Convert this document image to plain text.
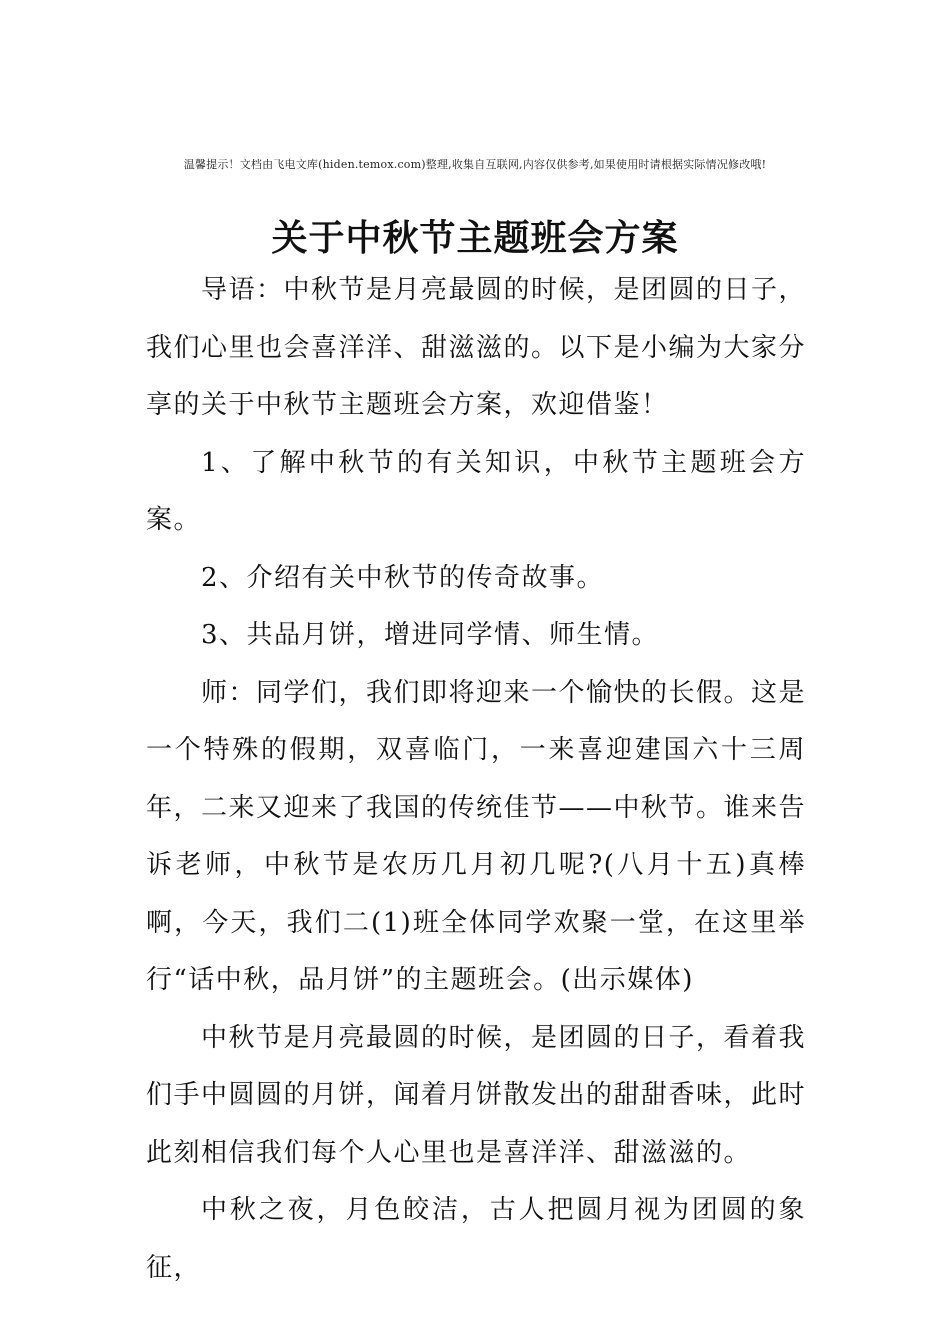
温馨提示！文档由飞电文库(hiden.temox.com)整理,收集自互联网,内容仅供参考,如果使用时请根据实际情况修改哦!
关于中秋节主题班会方案

导语：中秋节是月亮最圆的时候，是团圆的日子，我们心里也会喜洋洋、甜滋滋的。以下是小编为大家分享的关于中秋节主题班会方案，欢迎借鉴！

1、了解中秋节的有关知识，中秋节主题班会方案。

2、介绍有关中秋节的传奇故事。

3、共品月饼，增进同学情、师生情。

师：同学们，我们即将迎来一个愉快的长假。这是一个特殊的假期，双喜临门，一来喜迎建国六十三周年，二来又迎来了我国的传统佳节——中秋节。谁来告诉老师，中秋节是农历几月初几呢?(八月十五)真棒啊，今天，我们二(1)班全体同学欢聚一堂，在这里举行“话中秋，品月饼”的主题班会。(出示媒体)

中秋节是月亮最圆的时候，是团圆的日子，看着我们手中圆圆的月饼，闻着月饼散发出的甜甜香味，此时此刻相信我们每个人心里也是喜洋洋、甜滋滋的。

中秋之夜，月色皎洁，古人把圆月视为团圆的象征，
